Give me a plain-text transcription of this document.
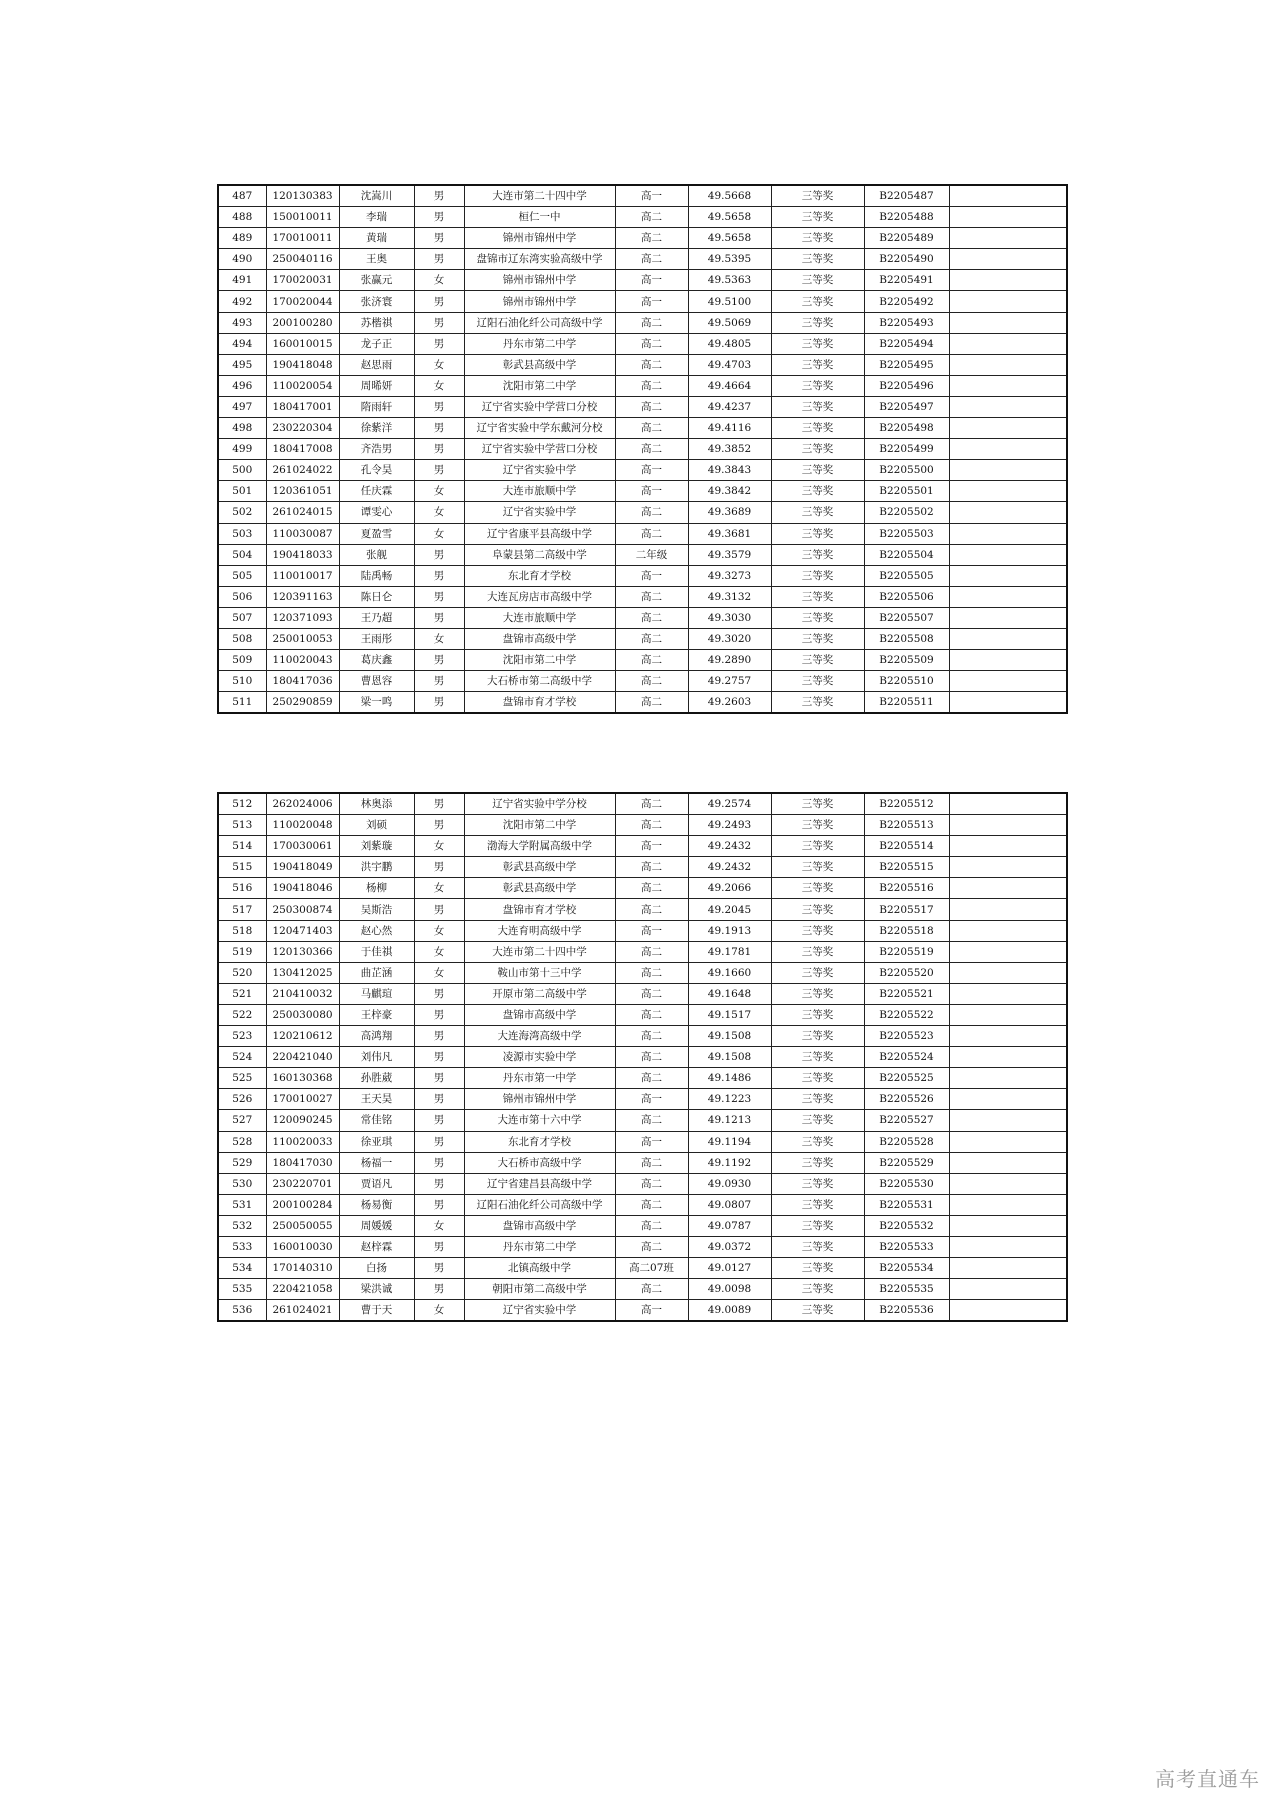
487	120130383	沈嵩川	男	大连市第二十四中学	高一	49.5668	三等奖	B2205487	
488	150010011	李瑞	男	桓仁一中	高二	49.5658	三等奖	B2205488	
489	170010011	黄瑞	男	锦州市锦州中学	高二	49.5658	三等奖	B2205489	
490	250040116	王奥	男	盘锦市辽东湾实验高级中学	高二	49.5395	三等奖	B2205490	
491	170020031	张赢元	女	锦州市锦州中学	高一	49.5363	三等奖	B2205491	
492	170020044	张济寰	男	锦州市锦州中学	高一	49.5100	三等奖	B2205492	
493	200100280	苏楷祺	男	辽阳石油化纤公司高级中学	高二	49.5069	三等奖	B2205493	
494	160010015	龙子正	男	丹东市第二中学	高二	49.4805	三等奖	B2205494	
495	190418048	赵思雨	女	彰武县高级中学	高二	49.4703	三等奖	B2205495	
496	110020054	周晞妍	女	沈阳市第二中学	高二	49.4664	三等奖	B2205496	
497	180417001	隋雨轩	男	辽宁省实验中学营口分校	高二	49.4237	三等奖	B2205497	
498	230220304	徐紫洋	男	辽宁省实验中学东戴河分校	高二	49.4116	三等奖	B2205498	
499	180417008	齐浩男	男	辽宁省实验中学营口分校	高二	49.3852	三等奖	B2205499	
500	261024022	孔令昊	男	辽宁省实验中学	高一	49.3843	三等奖	B2205500	
501	120361051	任庆霖	女	大连市旅顺中学	高一	49.3842	三等奖	B2205501	
502	261024015	谭雯心	女	辽宁省实验中学	高二	49.3689	三等奖	B2205502	
503	110030087	夏盈雪	女	辽宁省康平县高级中学	高二	49.3681	三等奖	B2205503	
504	190418033	张舰	男	阜蒙县第二高级中学	二年级	49.3579	三等奖	B2205504	
505	110010017	陆禹畅	男	东北育才学校	高一	49.3273	三等奖	B2205505	
506	120391163	陈日仑	男	大连瓦房店市高级中学	高二	49.3132	三等奖	B2205506	
507	120371093	王乃超	男	大连市旅顺中学	高二	49.3030	三等奖	B2205507	
508	250010053	王雨彤	女	盘锦市高级中学	高二	49.3020	三等奖	B2205508	
509	110020043	葛庆鑫	男	沈阳市第二中学	高二	49.2890	三等奖	B2205509	
510	180417036	曹恩容	男	大石桥市第二高级中学	高二	49.2757	三等奖	B2205510	
511	250290859	梁一鸣	男	盘锦市育才学校	高二	49.2603	三等奖	B2205511	
512	262024006	林奥添	男	辽宁省实验中学分校	高二	49.2574	三等奖	B2205512	
513	110020048	刘硕	男	沈阳市第二中学	高二	49.2493	三等奖	B2205513	
514	170030061	刘紫璇	女	渤海大学附属高级中学	高一	49.2432	三等奖	B2205514	
515	190418049	洪宇鹏	男	彰武县高级中学	高二	49.2432	三等奖	B2205515	
516	190418046	杨柳	女	彰武县高级中学	高二	49.2066	三等奖	B2205516	
517	250300874	吴斯浩	男	盘锦市育才学校	高二	49.2045	三等奖	B2205517	
518	120471403	赵心然	女	大连育明高级中学	高一	49.1913	三等奖	B2205518	
519	120130366	于佳祺	女	大连市第二十四中学	高二	49.1781	三等奖	B2205519	
520	130412025	曲芷涵	女	鞍山市第十三中学	高二	49.1660	三等奖	B2205520	
521	210410032	马麒瑄	男	开原市第二高级中学	高二	49.1648	三等奖	B2205521	
522	250030080	王梓豪	男	盘锦市高级中学	高二	49.1517	三等奖	B2205522	
523	120210612	高鸿翔	男	大连海湾高级中学	高二	49.1508	三等奖	B2205523	
524	220421040	刘伟凡	男	凌源市实验中学	高二	49.1508	三等奖	B2205524	
525	160130368	孙胜葳	男	丹东市第一中学	高二	49.1486	三等奖	B2205525	
526	170010027	王天昊	男	锦州市锦州中学	高一	49.1223	三等奖	B2205526	
527	120090245	常佳铭	男	大连市第十六中学	高二	49.1213	三等奖	B2205527	
528	110020033	徐亚琪	男	东北育才学校	高一	49.1194	三等奖	B2205528	
529	180417030	杨福一	男	大石桥市高级中学	高二	49.1192	三等奖	B2205529	
530	230220701	贾语凡	男	辽宁省建昌县高级中学	高二	49.0930	三等奖	B2205530	
531	200100284	杨易衡	男	辽阳石油化纤公司高级中学	高二	49.0807	三等奖	B2205531	
532	250050055	周媛媛	女	盘锦市高级中学	高二	49.0787	三等奖	B2205532	
533	160010030	赵梓霖	男	丹东市第二中学	高二	49.0372	三等奖	B2205533	
534	170140310	白扬	男	北镇高级中学	高二07班	49.0127	三等奖	B2205534	
535	220421058	梁洪诚	男	朝阳市第二高级中学	高二	49.0098	三等奖	B2205535	
536	261024021	曹于天	女	辽宁省实验中学	高一	49.0089	三等奖	B2205536	
高考直通车
